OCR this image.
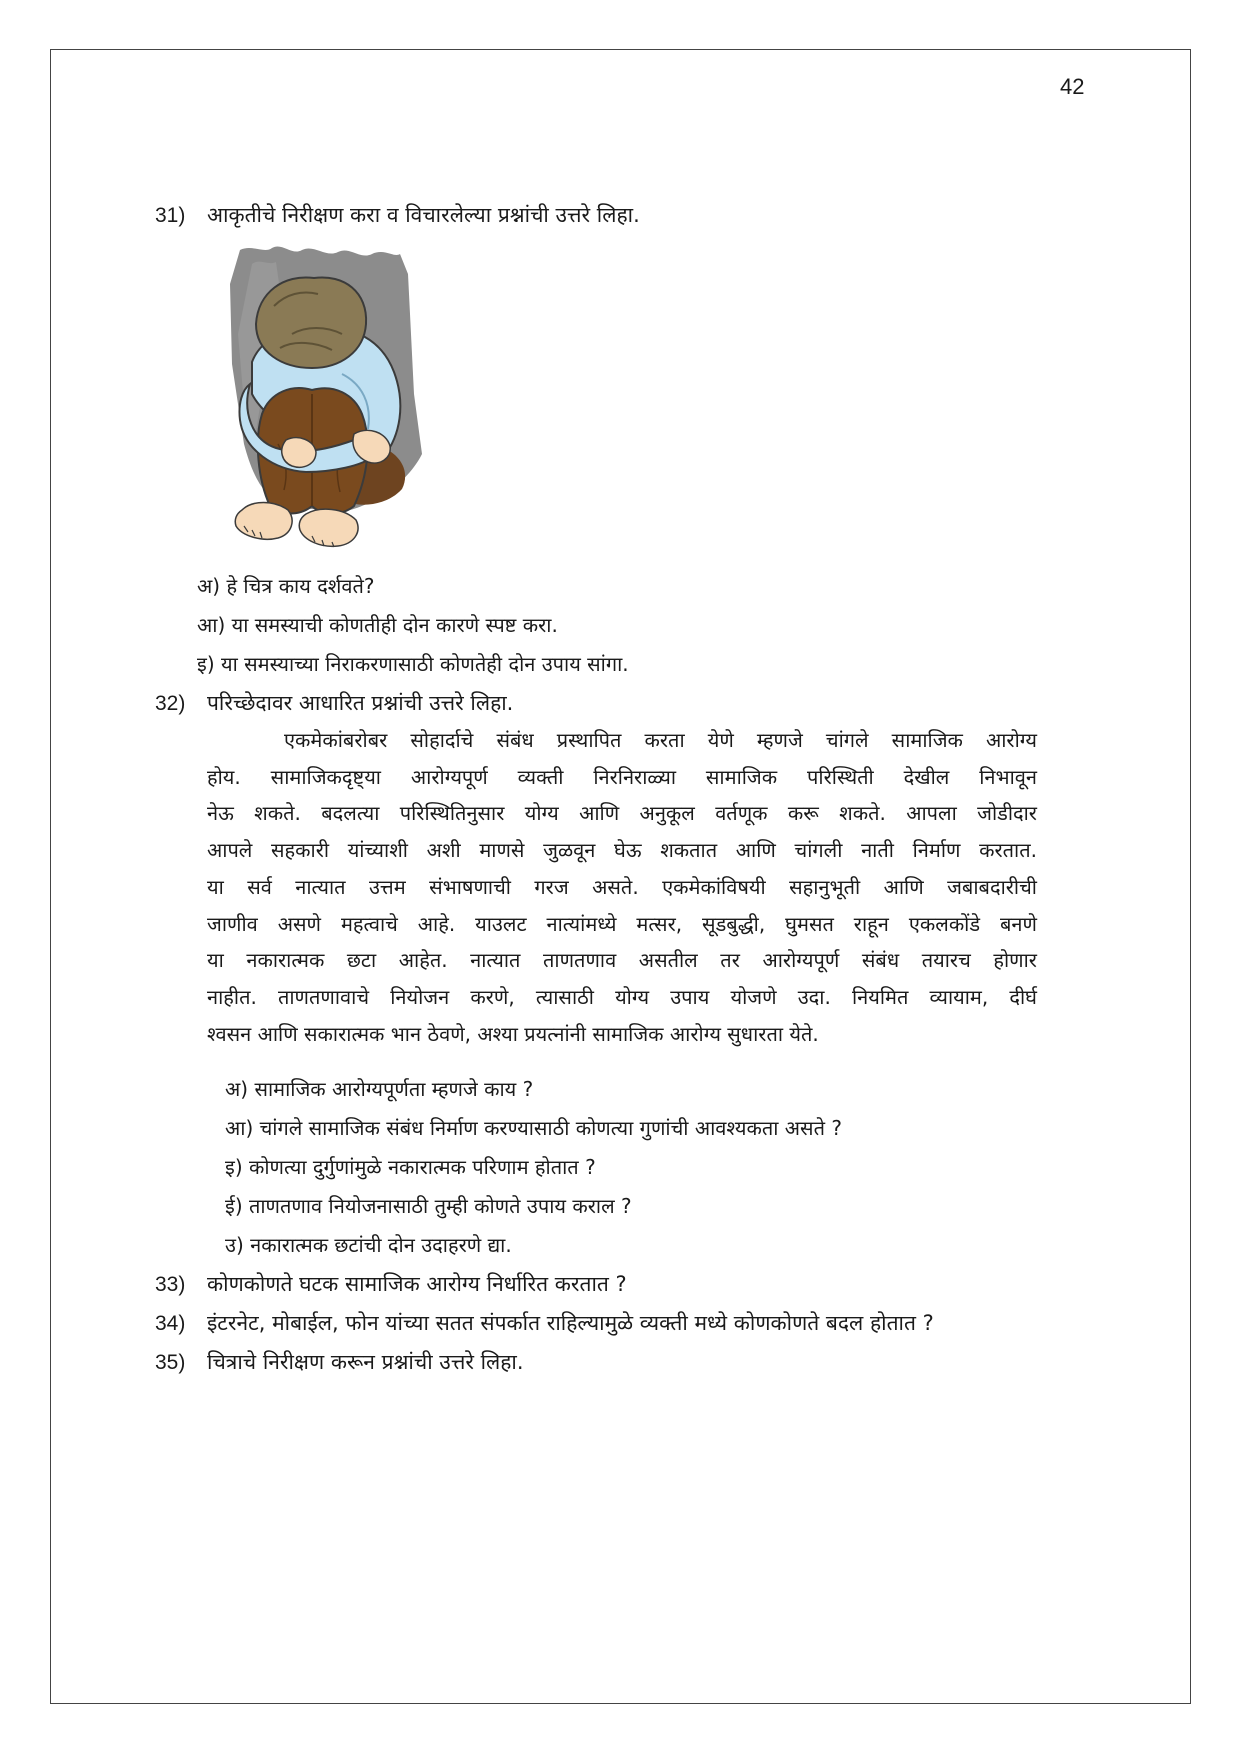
42
31) आकृतीचे निरीक्षण करा व विचारलेल्या प्रश्नांची उत्तरे लिहा.
अ) हे चित्र काय दर्शवते?
आ) या समस्याची कोणतीही दोन कारणे स्पष्ट करा.
इ) या समस्याच्या निराकरणासाठी कोणतेही दोन उपाय सांगा.
32) परिच्छेदावर आधारित प्रश्नांची उत्तरे लिहा.
एकमेकांबरोबर सोहार्दाचे संबंध प्रस्थापित करता येणे म्हणजे चांगले सामाजिक आरोग्य
होय. सामाजिकदृष्ट्या आरोग्यपूर्ण व्यक्ती निरनिराळ्या सामाजिक परिस्थिती देखील निभावून
नेऊ शकते. बदलत्या परिस्थितिनुसार योग्य आणि अनुकूल वर्तणूक करू शकते. आपला जोडीदार
आपले सहकारी यांच्याशी अशी माणसे जुळवून घेऊ शकतात आणि चांगली नाती निर्माण करतात.
या सर्व नात्यात उत्तम संभाषणाची गरज असते. एकमेकांविषयी सहानुभूती आणि जबाबदारीची
जाणीव असणे महत्वाचे आहे. याउलट नात्यांमध्ये मत्सर, सूडबुद्धी, घुमसत राहून एकलकोंडे बनणे
या नकारात्मक छटा आहेत. नात्यात ताणतणाव असतील तर आरोग्यपूर्ण संबंध तयारच होणार
नाहीत. ताणतणावाचे नियोजन करणे, त्यासाठी योग्य उपाय योजणे उदा. नियमित व्यायाम, दीर्घ
श्वसन आणि सकारात्मक भान ठेवणे, अश्या प्रयत्नांनी सामाजिक आरोग्य सुधारता येते.
अ) सामाजिक आरोग्यपूर्णता म्हणजे काय ?
आ) चांगले सामाजिक संबंध निर्माण करण्यासाठी कोणत्या गुणांची आवश्यकता असते ?
इ) कोणत्या दुर्गुणांमुळे नकारात्मक परिणाम होतात ?
ई) ताणतणाव नियोजनासाठी तुम्ही कोणते उपाय कराल ?
उ) नकारात्मक छटांची दोन उदाहरणे द्या.
33) कोणकोणते घटक सामाजिक आरोग्य निर्धारित करतात ?
34) इंटरनेट, मोबाईल, फोन यांच्या सतत संपर्कात राहिल्यामुळे व्यक्ती मध्ये कोणकोणते बदल होतात ?
35) चित्राचे निरीक्षण करून प्रश्नांची उत्तरे लिहा.
